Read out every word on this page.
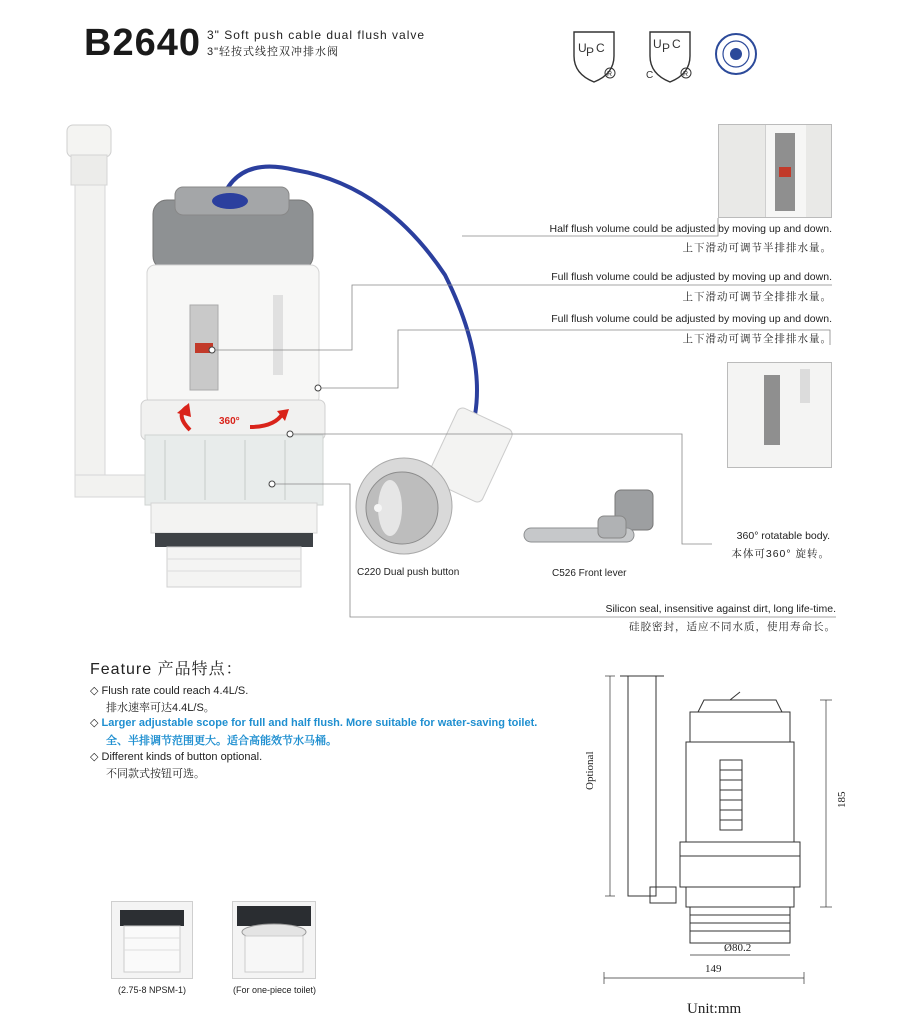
B2640 3" Soft push cable dual flush valve
3"轻按式线控双冲排水阀	U P C
R
U P C
C	R
360°
C220 Dual push button	C526 Front lever
Half flush volume could be adjusted by moving up and down.
上下滑动可调节半排排水量。
Full flush volume could be adjusted by moving up and down.
上下滑动可调节全排排水量。
Full flush volume could be adjusted by moving up and down.
上下滑动可调节全排排水量。
360° rotatable body.
本体可360° 旋转。
Silicon seal, insensitive against dirt, long life-time.
硅胶密封，适应不同水质，使用寿命长。
Feature 产品特点：
◇ Flush rate could reach 4.4L/S.
排水速率可达4.4L/S。
◇ Larger adjustable scope for full and half flush. More suitable for water-saving toilet.
全、半排调节范围更大。适合高能效节水马桶。
◇ Different kinds of button optional.
不同款式按钮可选。
(2.75-8 NPSM-1)	(For one-piece toilet)
Optional
185
Ø80.2
149
Unit:mm
